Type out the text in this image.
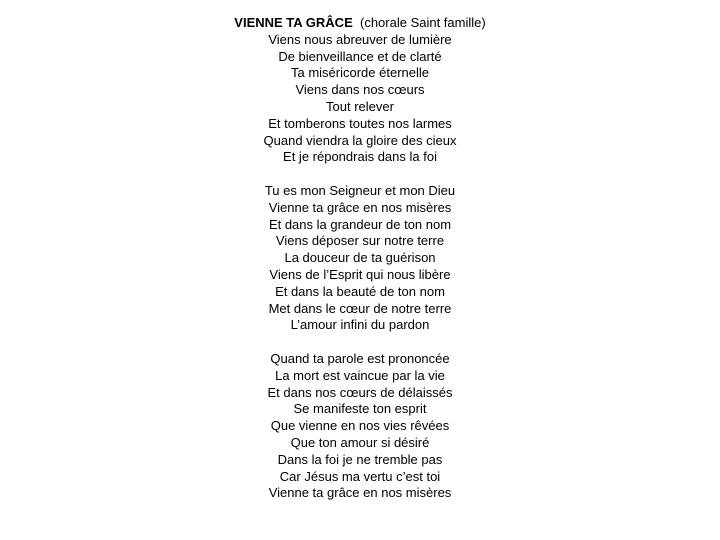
VIENNE TA GRÂCE (chorale Saint famille)
Viens nous abreuver de lumière
De bienveillance et de clarté
Ta miséricorde éternelle
Viens dans nos cœurs
Tout relever
Et tomberons toutes nos larmes
Quand viendra la gloire des cieux
Et je répondrais dans la foi
Tu es mon Seigneur et mon Dieu
Vienne ta grâce en nos misères
Et dans la grandeur de ton nom
Viens déposer sur notre terre
La douceur de ta guérison
Viens de l’Esprit qui nous libère
Et dans la beauté de ton nom
Met dans le cœur de notre terre
L’amour infini du pardon
Quand ta parole est prononcée
La mort est vaincue par la vie
Et dans nos cœurs de délaissés
Se manifeste ton esprit
Que vienne en nos vies rêvées
Que ton amour si désiré
Dans la foi je ne tremble pas
Car Jésus ma vertu c’est toi
Vienne ta grâce en nos misères
